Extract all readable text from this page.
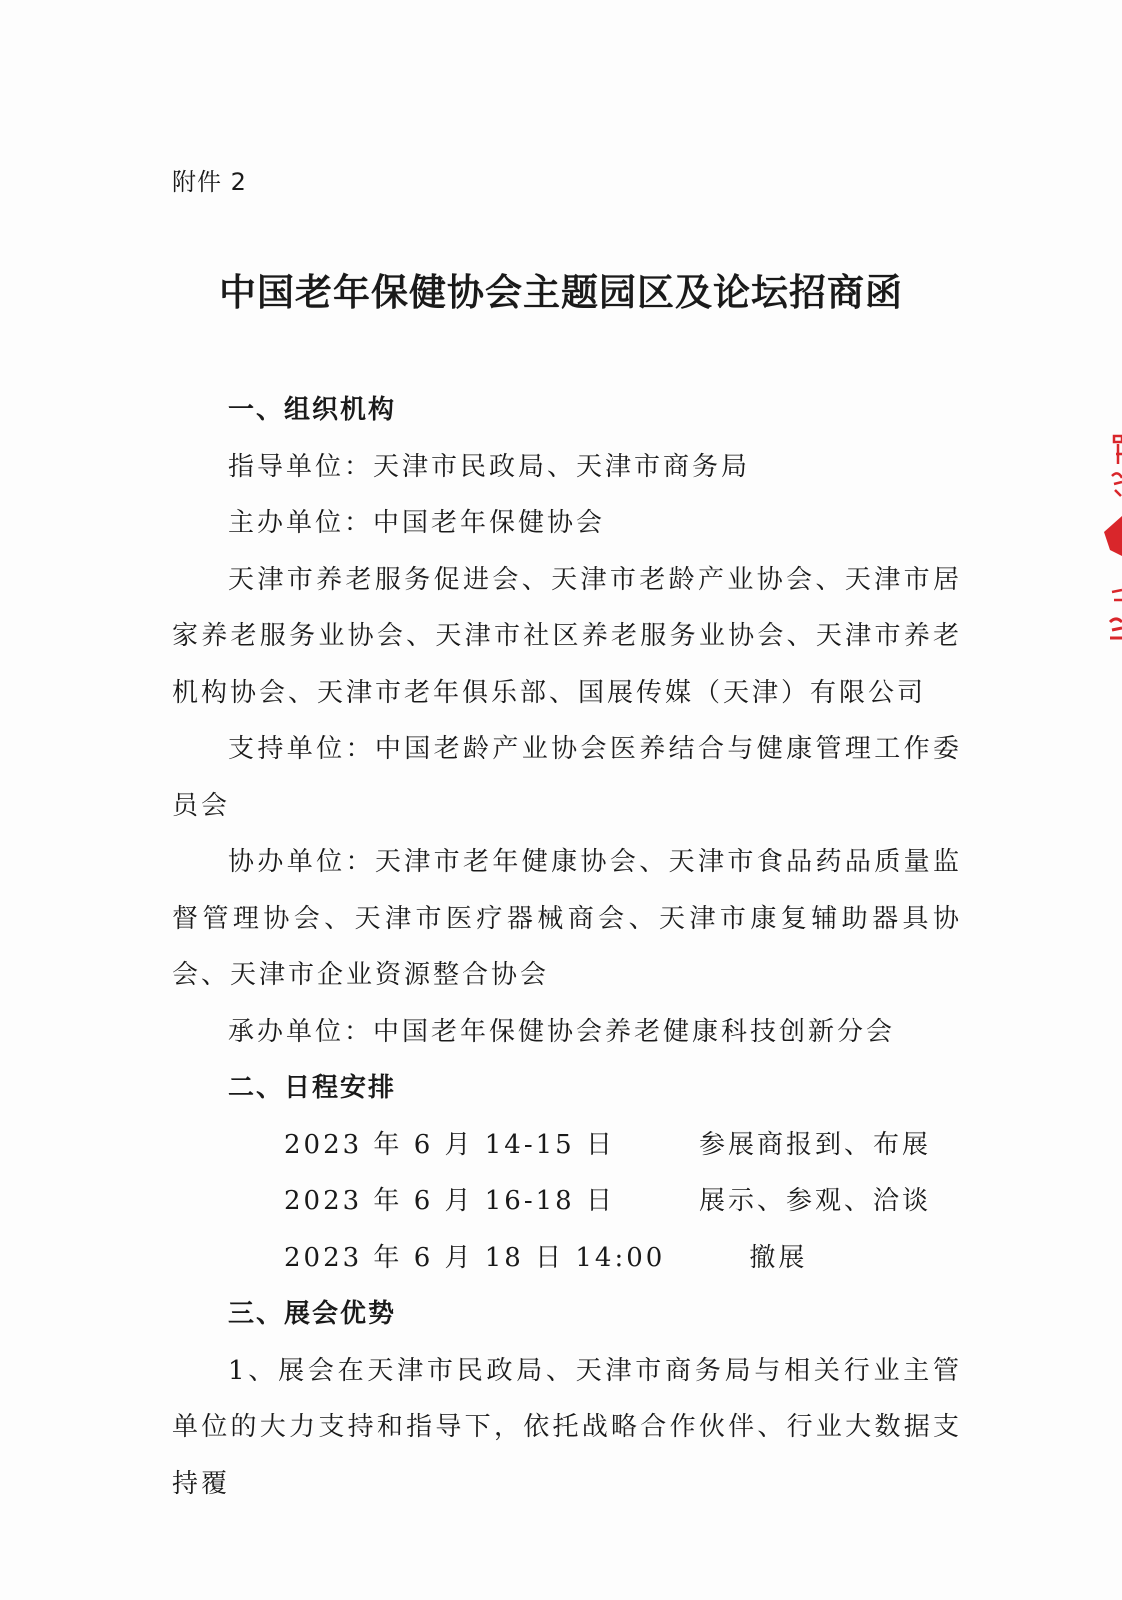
附件 2
中国老年保健协会主题园区及论坛招商函

一、组织机构

指导单位：天津市民政局、天津市商务局

主办单位：中国老年保健协会

天津市养老服务促进会、天津市老龄产业协会、天津市居家养老服务业协会、天津市社区养老服务业协会、天津市养老机构协会、天津市老年俱乐部、国展传媒（天津）有限公司

支持单位：中国老龄产业协会医养结合与健康管理工作委员会

协办单位：天津市老年健康协会、天津市食品药品质量监督管理协会、天津市医疗器械商会、天津市康复辅助器具协会、天津市企业资源整合协会

承办单位：中国老年保健协会养老健康科技创新分会

二、日程安排

2023 年 6 月 14-15 日	参展商报到、布展

2023 年 6 月 16-18 日	展示、参观、洽谈

2023 年 6 月 18 日 14:00	撤展

三、展会优势

1、展会在天津市民政局、天津市商务局与相关行业主管单位的大力支持和指导下，依托战略合作伙伴、行业大数据支持覆
